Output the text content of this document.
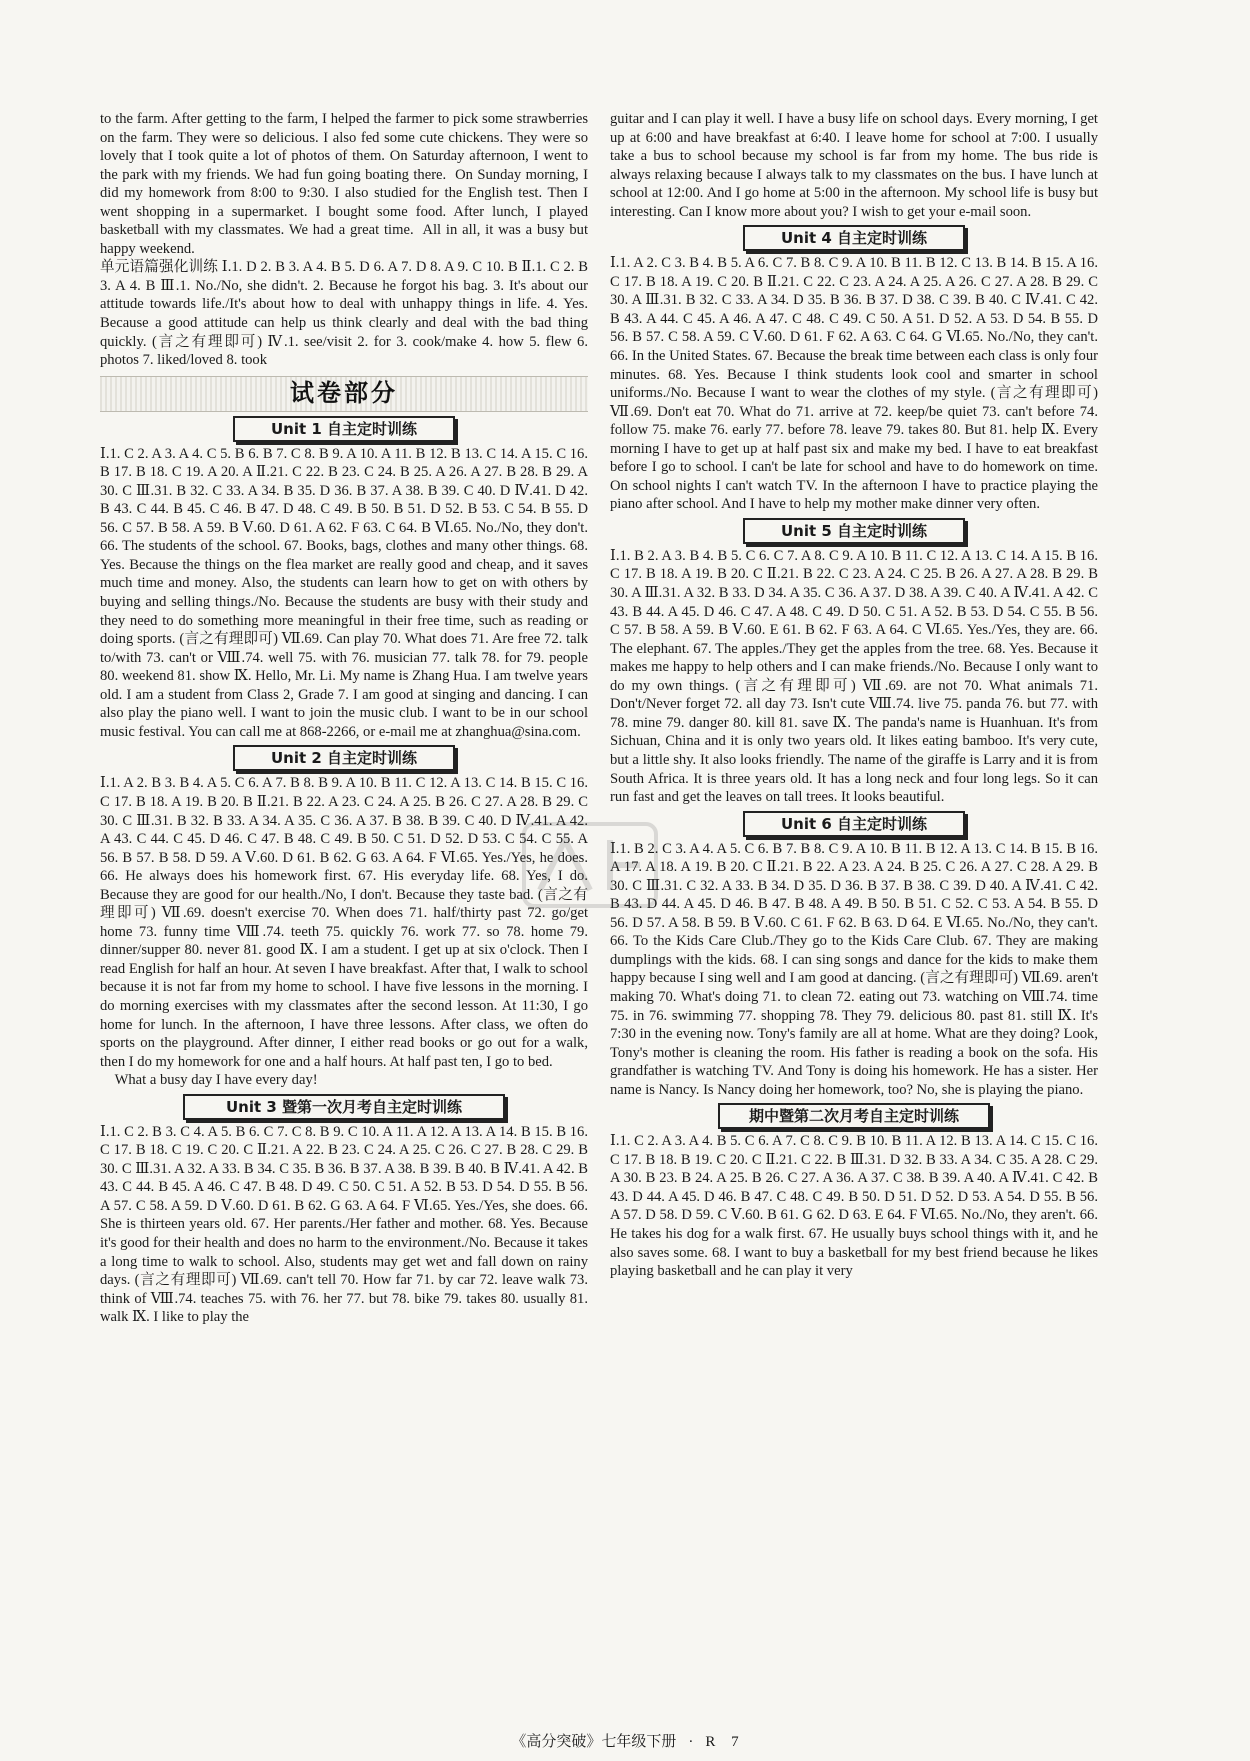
to the farm. After getting to the farm, I helped the farmer to pick some strawberries on the farm. They were so delicious. I also fed some cute chickens. They were so lovely that I took quite a lot of photos of them. On Saturday afternoon, I went to the park with my friends. We had fun going boating there.  On Sunday morning, I did my homework from 8:00 to 9:30. I also studied for the English test. Then I went shopping in a supermarket. I bought some food. After lunch, I played basketball with my classmates. We had a great time.  All in all, it was a busy but happy weekend.

单元语篇强化训练 Ⅰ.1. D 2. B 3. A 4. B 5. D 6. A 7. D 8. A 9. C 10. B Ⅱ.1. C 2. B 3. A 4. B Ⅲ.1. No./No, she didn't. 2. Because he forgot his bag. 3. It's about our attitude towards life./It's about how to deal with unhappy things in life. 4. Yes. Because a good attitude can help us think clearly and deal with the bad thing quickly. (言之有理即可) Ⅳ.1. see/visit 2. for 3. cook/make 4. how 5. flew 6. photos 7. liked/loved 8. took

试卷部分
Unit 1 自主定时训练

Ⅰ.1. C 2. A 3. A 4. C 5. B 6. B 7. C 8. B 9. A 10. A 11. B 12. B 13. C 14. A 15. C 16. B 17. B 18. C 19. A 20. A Ⅱ.21. C 22. B 23. C 24. B 25. A 26. A 27. B 28. B 29. A 30. C Ⅲ.31. B 32. C 33. A 34. B 35. D 36. B 37. A 38. B 39. C 40. D Ⅳ.41. D 42. B 43. C 44. B 45. C 46. B 47. D 48. C 49. B 50. B 51. D 52. B 53. C 54. B 55. D 56. C 57. B 58. A 59. B Ⅴ.60. D 61. A 62. F 63. C 64. B Ⅵ.65. No./No, they don't. 66. The students of the school. 67. Books, bags, clothes and many other things. 68. Yes. Because the things on the flea market are really good and cheap, and it saves much time and money. Also, the students can learn how to get on with others by buying and selling things./No. Because the students are busy with their study and they need to do something more meaningful in their free time, such as reading or doing sports. (言之有理即可) Ⅶ.69. Can play 70. What does 71. Are free 72. talk to/with 73. can't or Ⅷ.74. well 75. with 76. musician 77. talk 78. for 79. people 80. weekend 81. show Ⅸ. Hello, Mr. Li. My name is Zhang Hua. I am twelve years old. I am a student from Class 2, Grade 7. I am good at singing and dancing. I can also play the piano well. I want to join the music club. I want to be in our school music festival. You can call me at 868-2266, or e-mail me at zhanghua@sina.com.

Unit 2 自主定时训练

Ⅰ.1. A 2. B 3. B 4. A 5. C 6. A 7. B 8. B 9. A 10. B 11. C 12. A 13. C 14. B 15. C 16. C 17. B 18. A 19. B 20. B Ⅱ.21. B 22. A 23. C 24. A 25. B 26. C 27. A 28. B 29. C 30. C Ⅲ.31. B 32. B 33. A 34. A 35. C 36. A 37. B 38. B 39. C 40. D Ⅳ.41. A 42. A 43. C 44. C 45. D 46. C 47. B 48. C 49. B 50. C 51. D 52. D 53. C 54. C 55. A 56. B 57. B 58. D 59. A Ⅴ.60. D 61. B 62. G 63. A 64. F Ⅵ.65. Yes./Yes, he does. 66. He always does his homework first. 67. His everyday life. 68. Yes, I do. Because they are good for our health./No, I don't. Because they taste bad. (言之有理即可) Ⅶ.69. doesn't exercise 70. When does 71. half/thirty past 72. go/get home 73. funny time Ⅷ.74. teeth 75. quickly 76. work 77. so 78. home 79. dinner/supper 80. never 81. good Ⅸ. I am a student. I get up at six o'clock. Then I read English for half an hour. At seven I have breakfast. After that, I walk to school because it is not far from my home to school. I have five lessons in the morning. I do morning exercises with my classmates after the second lesson. At 11:30, I go home for lunch. In the afternoon, I have three lessons. After class, we often do sports on the playground. After dinner, I either read books or go out for a walk, then I do my homework for one and a half hours. At half past ten, I go to bed.
What a busy day I have every day!

Unit 3 暨第一次月考自主定时训练

Ⅰ.1. C 2. B 3. C 4. A 5. B 6. C 7. C 8. B 9. C 10. A 11. A 12. A 13. A 14. B 15. B 16. C 17. B 18. C 19. C 20. C Ⅱ.21. A 22. B 23. C 24. A 25. C 26. C 27. B 28. C 29. B 30. C Ⅲ.31. A 32. A 33. B 34. C 35. B 36. B 37. A 38. B 39. B 40. B Ⅳ.41. A 42. B 43. C 44. B 45. A 46. C 47. B 48. D 49. C 50. C 51. A 52. B 53. D 54. D 55. B 56. A 57. C 58. A 59. D Ⅴ.60. D 61. B 62. G 63. A 64. F Ⅵ.65. Yes./Yes, she does. 66. She is thirteen years old. 67. Her parents./Her father and mother. 68. Yes. Because it's good for their health and does no harm to the environment./No. Because it takes a long time to walk to school. Also, students may get wet and fall down on rainy days. (言之有理即可) Ⅶ.69. can't tell 70. How far 71. by car 72. leave walk 73. think of Ⅷ.74. teaches 75. with 76. her 77. but 78. bike 79. takes 80. usually 81. walk Ⅸ. I like to play the

guitar and I can play it well. I have a busy life on school days. Every morning, I get up at 6:00 and have breakfast at 6:40. I leave home for school at 7:00. I usually take a bus to school because my school is far from my home. The bus ride is always relaxing because I always talk to my classmates on the bus. I have lunch at school at 12:00. And I go home at 5:00 in the afternoon. My school life is busy but interesting. Can I know more about you? I wish to get your e-mail soon.

Unit 4 自主定时训练

Ⅰ.1. A 2. C 3. B 4. B 5. A 6. C 7. B 8. C 9. A 10. B 11. B 12. C 13. B 14. B 15. A 16. C 17. B 18. A 19. C 20. B Ⅱ.21. C 22. C 23. A 24. A 25. A 26. C 27. A 28. B 29. C 30. A Ⅲ.31. B 32. C 33. A 34. D 35. B 36. B 37. D 38. C 39. B 40. C Ⅳ.41. C 42. B 43. A 44. C 45. A 46. A 47. C 48. C 49. C 50. A 51. D 52. A 53. D 54. B 55. D 56. B 57. C 58. A 59. C Ⅴ.60. D 61. F 62. A 63. C 64. G Ⅵ.65. No./No, they can't. 66. In the United States. 67. Because the break time between each class is only four minutes. 68. Yes. Because I think students look cool and smarter in school uniforms./No. Because I want to wear the clothes of my style. (言之有理即可) Ⅶ.69. Don't eat 70. What do 71. arrive at 72. keep/be quiet 73. can't before 74. follow 75. make 76. early 77. before 78. leave 79. takes 80. But 81. help Ⅸ. Every morning I have to get up at half past six and make my bed. I have to eat breakfast before I go to school. I can't be late for school and have to do homework on time. On school nights I can't watch TV. In the afternoon I have to practice playing the piano after school. And I have to help my mother make dinner very often.

Unit 5 自主定时训练

Ⅰ.1. B 2. A 3. B 4. B 5. C 6. C 7. A 8. C 9. A 10. B 11. C 12. A 13. C 14. A 15. B 16. C 17. B 18. A 19. B 20. C Ⅱ.21. B 22. C 23. A 24. C 25. B 26. A 27. A 28. B 29. B 30. A Ⅲ.31. A 32. B 33. D 34. A 35. C 36. A 37. D 38. A 39. C 40. A Ⅳ.41. A 42. C 43. B 44. A 45. D 46. C 47. A 48. C 49. D 50. C 51. A 52. B 53. D 54. C 55. B 56. C 57. B 58. A 59. B Ⅴ.60. E 61. B 62. F 63. A 64. C Ⅵ.65. Yes./Yes, they are. 66. The elephant. 67. The apples./They get the apples from the tree. 68. Yes. Because it makes me happy to help others and I can make friends./No. Because I only want to do my own things. (言之有理即可) Ⅶ.69. are not 70. What animals 71. Don't/Never forget 72. all day 73. Isn't cute Ⅷ.74. live 75. panda 76. but 77. with 78. mine 79. danger 80. kill 81. save Ⅸ. The panda's name is Huanhuan. It's from Sichuan, China and it is only two years old. It likes eating bamboo. It's very cute, but a little shy. It also looks friendly. The name of the giraffe is Larry and it is from South Africa. It is three years old. It has a long neck and four long legs. So it can run fast and get the leaves on tall trees. It looks beautiful.

Unit 6 自主定时训练

Ⅰ.1. B 2. C 3. A 4. A 5. C 6. B 7. B 8. C 9. A 10. B 11. B 12. A 13. C 14. B 15. B 16. A 17. A 18. A 19. B 20. C Ⅱ.21. B 22. A 23. A 24. B 25. C 26. A 27. C 28. A 29. B 30. C Ⅲ.31. C 32. A 33. B 34. D 35. D 36. B 37. B 38. C 39. D 40. A Ⅳ.41. C 42. B 43. D 44. A 45. D 46. B 47. B 48. A 49. B 50. B 51. C 52. C 53. A 54. B 55. D 56. D 57. A 58. B 59. B Ⅴ.60. C 61. F 62. B 63. D 64. E Ⅵ.65. No./No, they can't. 66. To the Kids Care Club./They go to the Kids Care Club. 67. They are making dumplings with the kids. 68. I can sing songs and dance for the kids to make them happy because I sing well and I am good at dancing. (言之有理即可) Ⅶ.69. aren't making 70. What's doing 71. to clean 72. eating out 73. watching on Ⅷ.74. time 75. in 76. swimming 77. shopping 78. They 79. delicious 80. past 81. still Ⅸ. It's 7:30 in the evening now. Tony's family are all at home. What are they doing? Look, Tony's mother is cleaning the room. His father is reading a book on the sofa. His grandfather is watching TV. And Tony is doing his homework. He has a sister. Her name is Nancy. Is Nancy doing her homework, too? No, she is playing the piano.

期中暨第二次月考自主定时训练

Ⅰ.1. C 2. A 3. A 4. B 5. C 6. A 7. C 8. C 9. B 10. B 11. A 12. B 13. A 14. C 15. C 16. C 17. B 18. B 19. C 20. C Ⅱ.21. C 22. B Ⅲ.31. D 32. B 33. A 34. C 35. A 28. C 29. A 30. B 23. B 24. A 25. B 26. C 27. A 36. A 37. C 38. B 39. A 40. A Ⅳ.41. C 42. B 43. D 44. A 45. D 46. B 47. C 48. C 49. B 50. D 51. D 52. D 53. A 54. D 55. B 56. A 57. D 58. D 59. C Ⅴ.60. B 61. G 62. D 63. E 64. F Ⅵ.65. No./No, they aren't. 66. He takes his dog for a walk first. 67. He usually buys school things with it, and he also saves some. 68. I want to buy a basketball for my best friend because he likes playing basketball and he can play it very

《高分突破》七年级下册 · R 7
